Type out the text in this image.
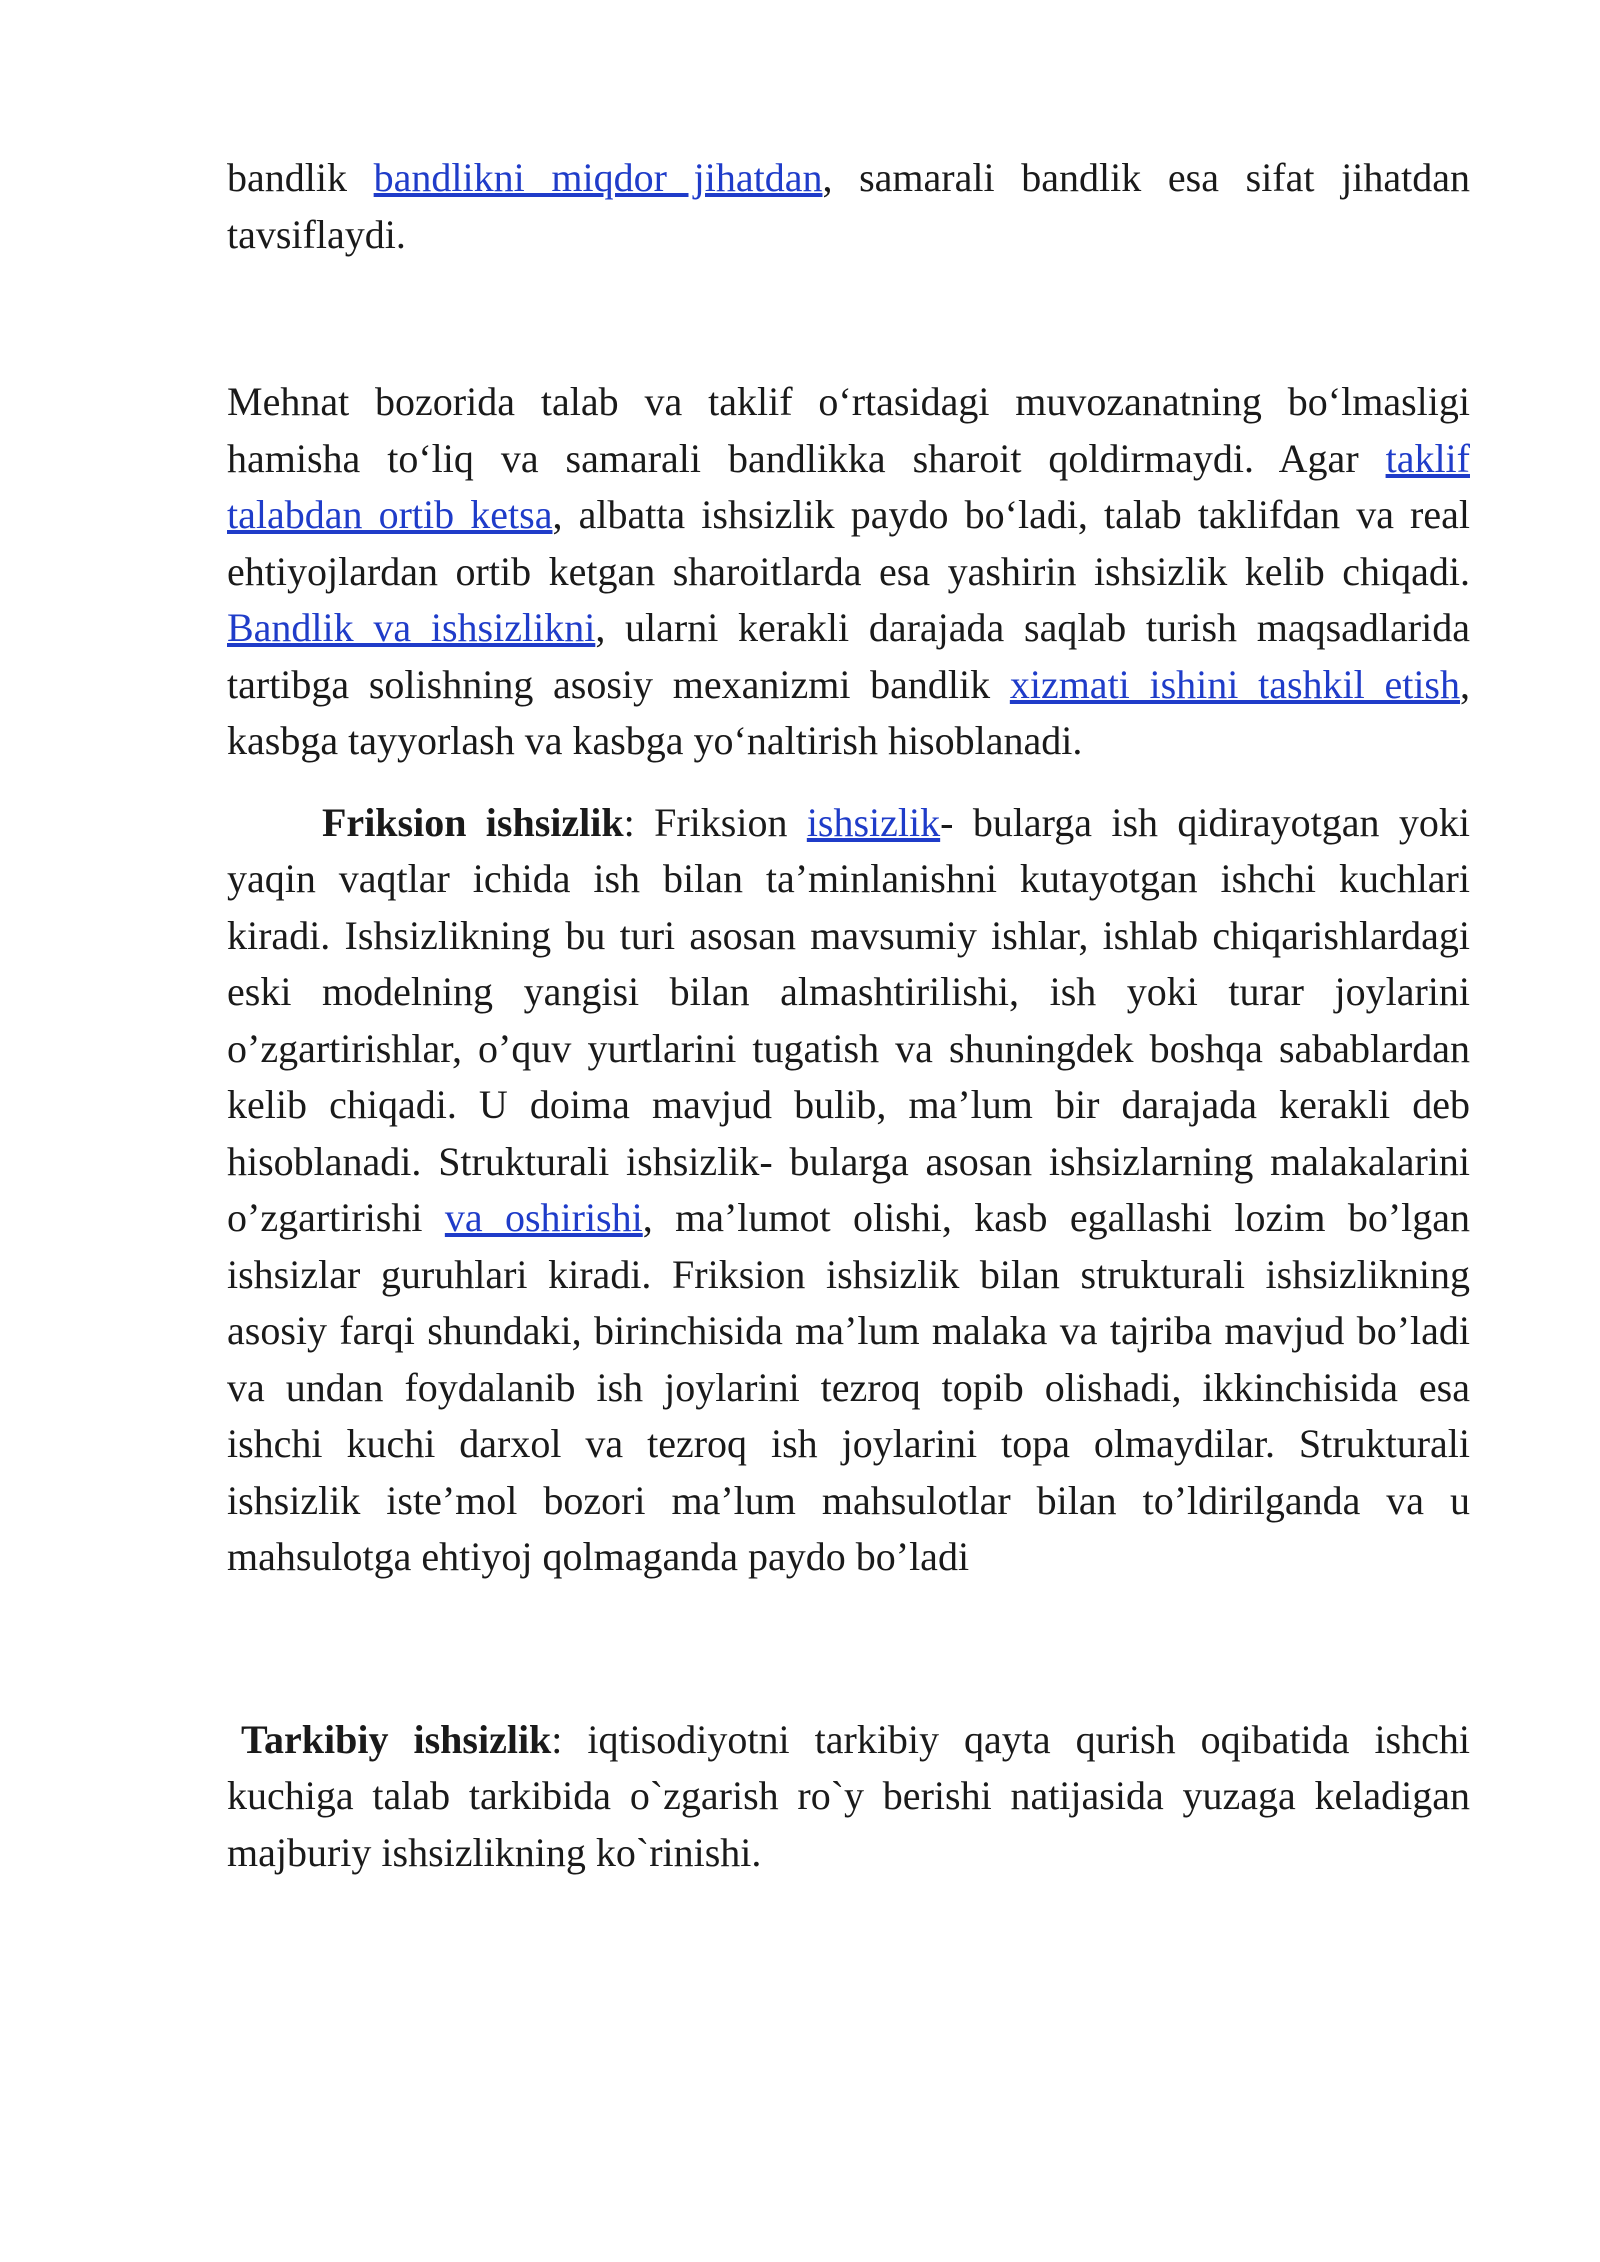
bandlik bandlikni miqdor jihatdan, samarali bandlik esa sifat jihatdan tavsiflaydi.

Mehnat bozorida talab va taklif o‘rtasidagi muvozanatning bo‘lmasligi hamisha to‘liq va samarali bandlikka sharoit qoldirmaydi. Agar taklif talabdan ortib ketsa, albatta ishsizlik paydo bo‘ladi, talab taklifdan va real ehtiyojlardan ortib ketgan sharoitlarda esa yashirin ishsizlik kelib chiqadi. Bandlik va ishsizlikni, ularni kerakli darajada saqlab turish maqsadlarida tartibga solishning asosiy mexanizmi bandlik xizmati ishini tashkil etish, kasbga tayyorlash va kasbga yo‘naltirish hisoblanadi.

Friksion ishsizlik: Friksion ishsizlik- bularga ish qidirayotgan yoki yaqin vaqtlar ichida ish bilan ta’minlanishni kutayotgan ishchi kuchlari kiradi. Ishsizlikning bu turi asosan mavsumiy ishlar, ishlab chiqarishlardagi eski modelning yangisi bilan almashtirilishi, ish yoki turar joylarini o’zgartirishlar, o’quv yurtlarini tugatish va shuningdek boshqa sabablardan kelib chiqadi. U doima mavjud bulib, ma’lum bir darajada kerakli deb hisoblanadi. Strukturali ishsizlik- bularga asosan ishsizlarning malakalarini o’zgartirishi va oshirishi, ma’lumot olishi, kasb egallashi lozim bo’lgan ishsizlar guruhlari kiradi. Friksion ishsizlik bilan strukturali ishsizlikning asosiy farqi shundaki, birinchisida ma’lum malaka va tajriba mavjud bo’ladi va undan foydalanib ish joylarini tezroq topib olishadi, ikkinchisida esa ishchi kuchi darxol va tezroq ish joylarini topa olmaydilar. Strukturali ishsizlik iste’mol bozori ma’lum mahsulotlar bilan to’ldirilganda va u mahsulotga ehtiyoj qolmaganda paydo bo’ladi

Tarkibiy ishsizlik: iqtisodiyotni tarkibiy qayta qurish oqibatida ishchi kuchiga talab tarkibida o`zgarish ro`y berishi natijasida yuzaga keladigan majburiy ishsizlikning ko`rinishi.
